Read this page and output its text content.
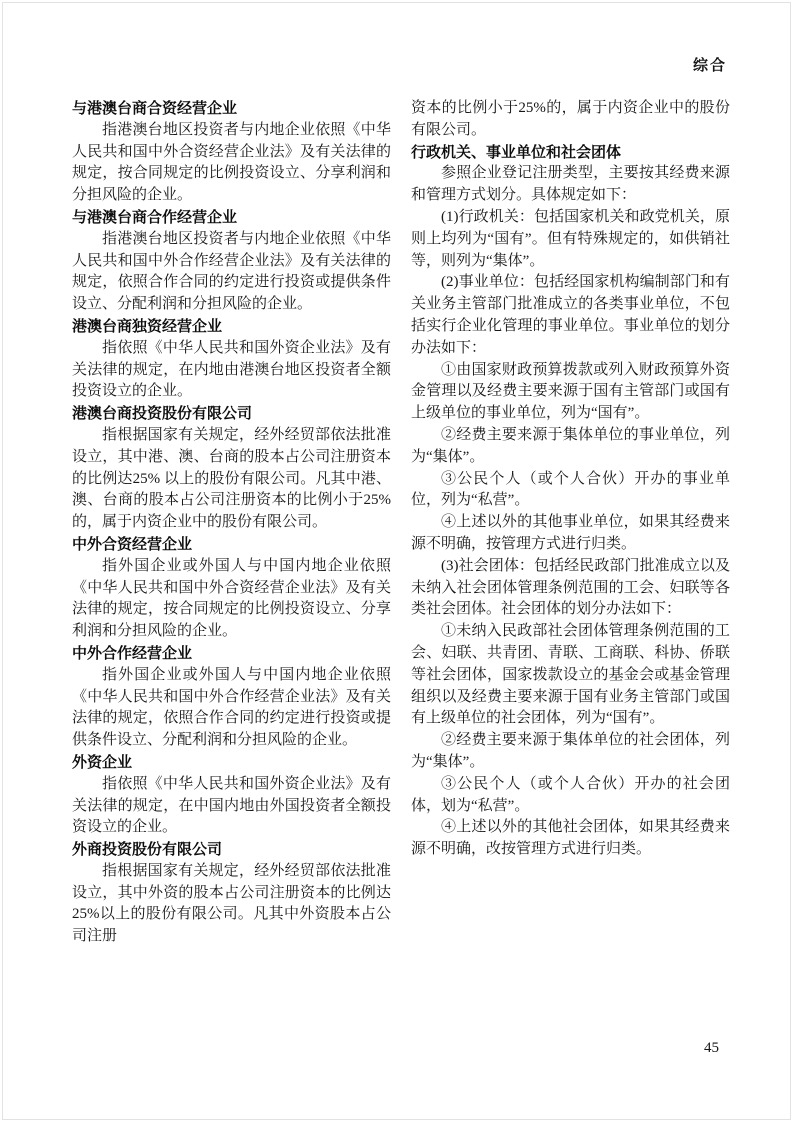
综合
与港澳台商合资经营企业

指港澳台地区投资者与内地企业依照《中华人民共和国中外合资经营企业法》及有关法律的规定，按合同规定的比例投资设立、分享利润和分担风险的企业。

与港澳台商合作经营企业

指港澳台地区投资者与内地企业依照《中华人民共和国中外合作经营企业法》及有关法律的规定，依照合作合同的约定进行投资或提供条件设立、分配利润和分担风险的企业。

港澳台商独资经营企业

指依照《中华人民共和国外资企业法》及有关法律的规定，在内地由港澳台地区投资者全额投资设立的企业。

港澳台商投资股份有限公司

指根据国家有关规定，经外经贸部依法批准设立，其中港、澳、台商的股本占公司注册资本的比例达25% 以上的股份有限公司。凡其中港、澳、台商的股本占公司注册资本的比例小于25%的，属于内资企业中的股份有限公司。

中外合资经营企业

指外国企业或外国人与中国内地企业依照《中华人民共和国中外合资经营企业法》及有关法律的规定，按合同规定的比例投资设立、分享利润和分担风险的企业。

中外合作经营企业

指外国企业或外国人与中国内地企业依照《中华人民共和国中外合作经营企业法》及有关法律的规定，依照合作合同的约定进行投资或提供条件设立、分配利润和分担风险的企业。

外资企业

指依照《中华人民共和国外资企业法》及有关法律的规定，在中国内地由外国投资者全额投资设立的企业。

外商投资股份有限公司

指根据国家有关规定，经外经贸部依法批准设立，其中外资的股本占公司注册资本的比例达25%以上的股份有限公司。凡其中外资股本占公司注册

资本的比例小于25%的，属于内资企业中的股份有限公司。

行政机关、事业单位和社会团体

参照企业登记注册类型，主要按其经费来源和管理方式划分。具体规定如下：

(1)行政机关：包括国家机关和政党机关，原则上均列为“国有”。但有特殊规定的，如供销社等，则列为“集体”。

(2)事业单位：包括经国家机构编制部门和有关业务主管部门批准成立的各类事业单位，不包括实行企业化管理的事业单位。事业单位的划分办法如下：

①由国家财政预算拨款或列入财政预算外资金管理以及经费主要来源于国有主管部门或国有上级单位的事业单位，列为“国有”。

②经费主要来源于集体单位的事业单位，列为“集体”。

③公民个人（或个人合伙）开办的事业单位，列为“私营”。

④上述以外的其他事业单位，如果其经费来源不明确，按管理方式进行归类。

(3)社会团体：包括经民政部门批准成立以及未纳入社会团体管理条例范围的工会、妇联等各类社会团体。社会团体的划分办法如下：

①未纳入民政部社会团体管理条例范围的工会、妇联、共青团、青联、工商联、科协、侨联等社会团体，国家拨款设立的基金会或基金管理组织以及经费主要来源于国有业务主管部门或国有上级单位的社会团体，列为“国有”。

②经费主要来源于集体单位的社会团体，列为“集体”。

③公民个人（或个人合伙）开办的社会团体，划为“私营”。

④上述以外的其他社会团体，如果其经费来源不明确，改按管理方式进行归类。

45
